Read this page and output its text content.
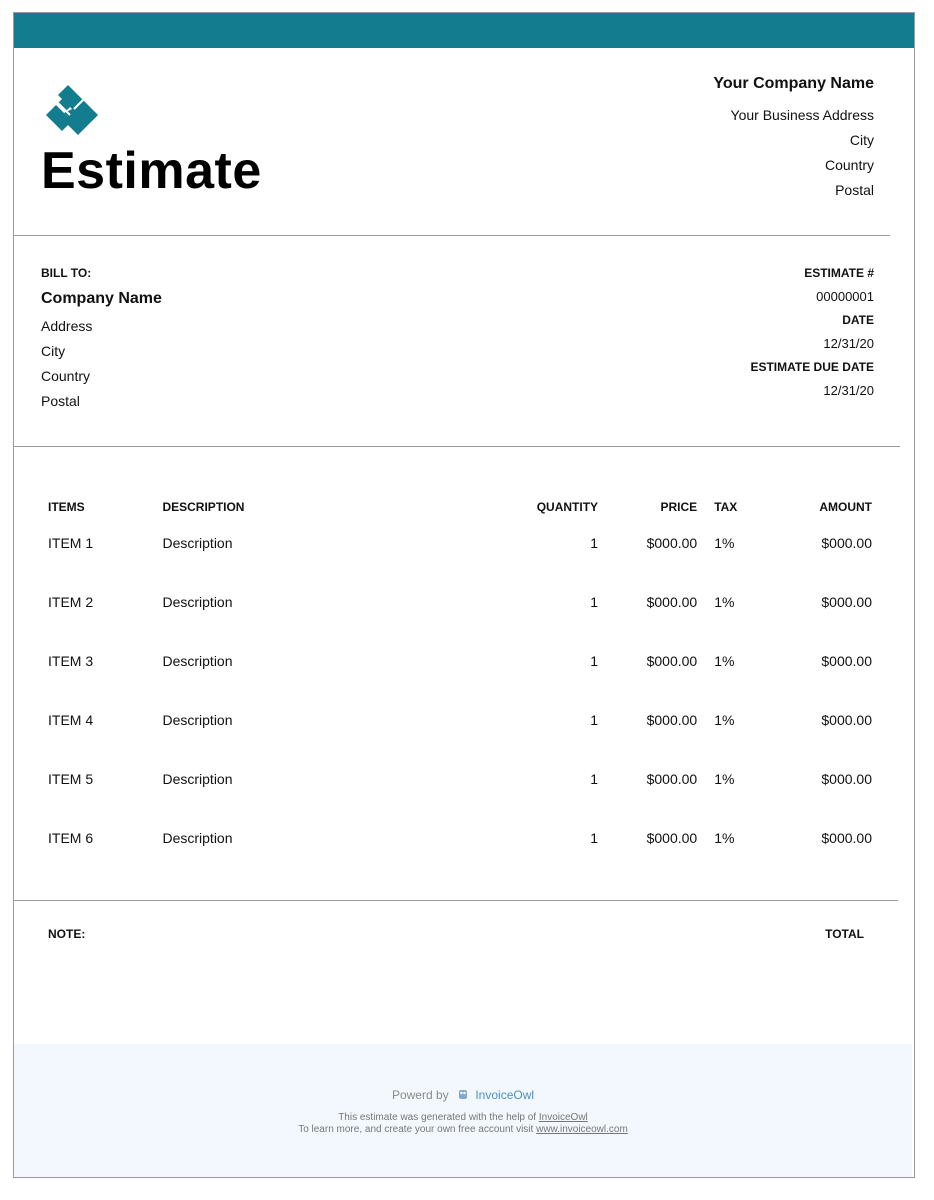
Estimate
Your Company Name
Your Business Address
City
Country
Postal
BILL TO:
Company Name
Address
City
Country
Postal
ESTIMATE #
00000001
DATE
12/31/20
ESTIMATE DUE DATE
12/31/20
ITEMS	DESCRIPTION	QUANTITY	PRICE	TAX	AMOUNT
ITEM 1	Description	1	$000.00	1%	$000.00
ITEM 2	Description	1	$000.00	1%	$000.00
ITEM 3	Description	1	$000.00	1%	$000.00
ITEM 4	Description	1	$000.00	1%	$000.00
ITEM 5	Description	1	$000.00	1%	$000.00
ITEM 6	Description	1	$000.00	1%	$000.00
NOTE:	TOTAL
Powerd by InvoiceOwl
This estimate was generated with the help of InvoiceOwl
To learn more, and create your own free account visit www.invoiceowl.com
